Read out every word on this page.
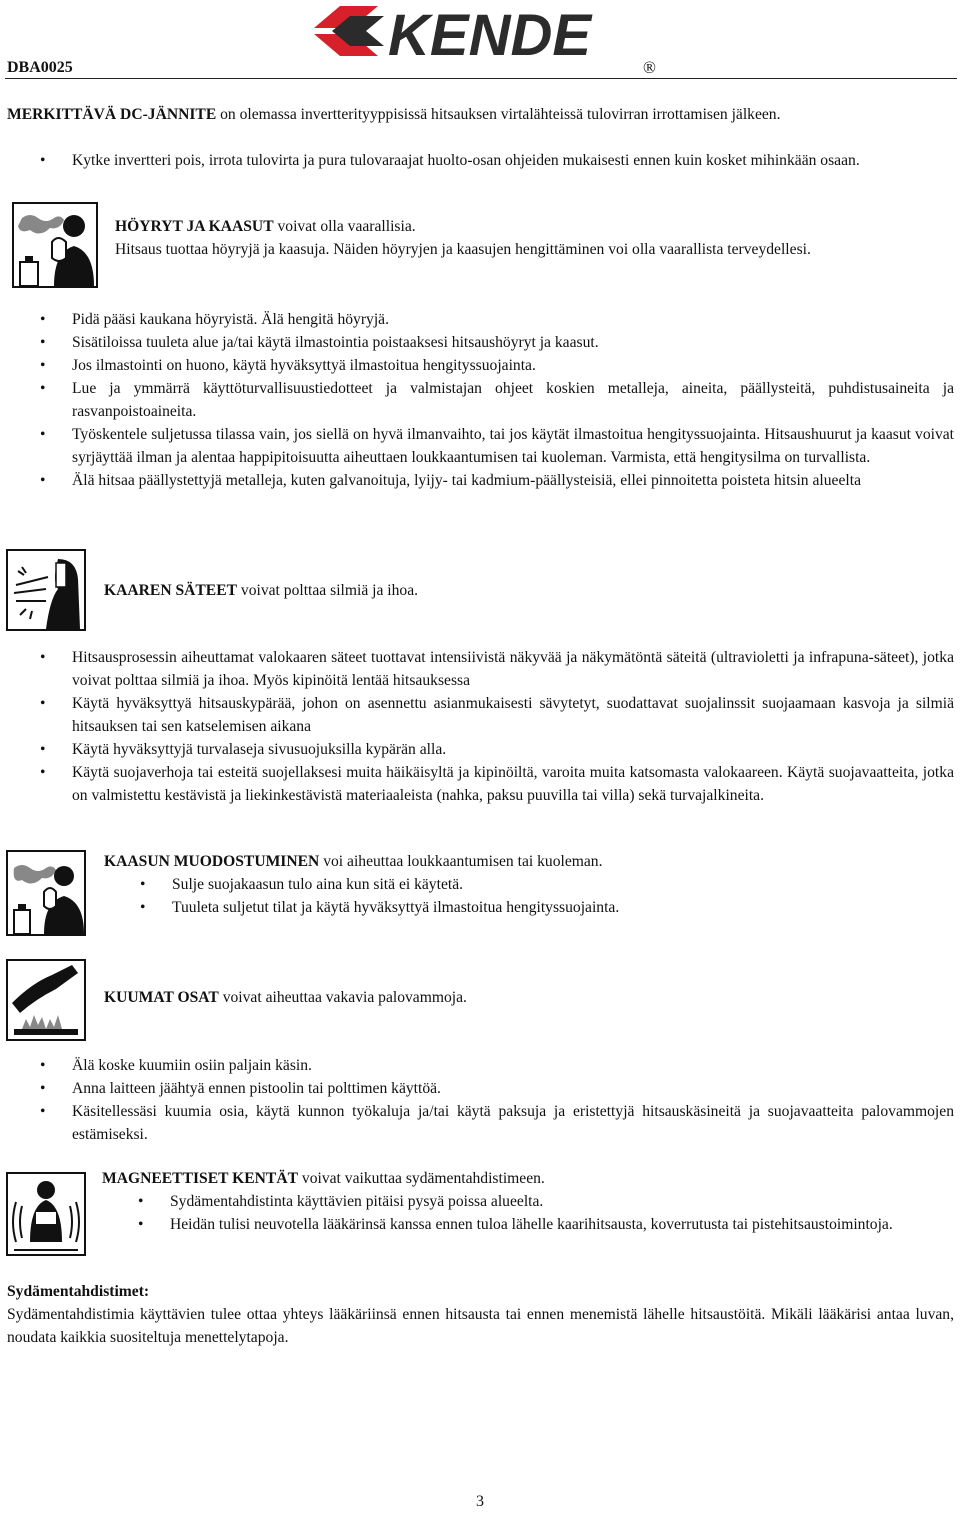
DBA0025	KENDE	®

MERKITTÄVÄ DC-JÄNNITE on olemassa invertterityyppisissä hitsauksen virtalähteissä tulovirran irrottamisen jälkeen.

• Kytke invertteri pois, irrota tulovirta ja pura tulovaraajat huolto-osan ohjeiden mukaisesti ennen kuin kosket mihinkään osaan.

HÖYRYT JA KAASUT voivat olla vaarallisia.

Hitsaus tuottaa höyryjä ja kaasuja. Näiden höyryjen ja kaasujen hengittäminen voi olla vaarallista terveydellesi.

• Pidä pääsi kaukana höyryistä. Älä hengitä höyryjä.
• Sisätiloissa tuuleta alue ja/tai käytä ilmastointia poistaaksesi hitsaushöyryt ja kaasut.
• Jos ilmastointi on huono, käytä hyväksyttyä ilmastoitua hengityssuojainta.
• Lue ja ymmärrä käyttöturvallisuustiedotteet ja valmistajan ohjeet koskien metalleja, aineita, päällysteitä, puhdistusaineita ja rasvanpoistoaineita.
• Työskentele suljetussa tilassa vain, jos siellä on hyvä ilmanvaihto, tai jos käytät ilmastoitua hengityssuojainta. Hitsaushuurut ja kaasut voivat syrjäyttää ilman ja alentaa happipitoisuutta aiheuttaen loukkaantumisen tai kuoleman. Varmista, että hengitysilma on turvallista.
• Älä hitsaa päällystettyjä metalleja, kuten galvanoituja, lyijy- tai kadmium-päällysteisiä, ellei pinnoitetta poisteta hitsin alueelta
KAAREN SÄTEET voivat polttaa silmiä ja ihoa.
• Hitsausprosessin aiheuttamat valokaaren säteet tuottavat intensiivistä näkyvää ja näkymätöntä säteitä (ultravioletti ja infrapuna-säteet), jotka voivat polttaa silmiä ja ihoa. Myös kipinöitä lentää hitsauksessa
• Käytä hyväksyttyä hitsauskypärää, johon on asennettu asianmukaisesti sävytetyt, suodattavat suojalinssit suojaamaan kasvoja ja silmiä hitsauksen tai sen katselemisen aikana
• Käytä hyväksyttyjä turvalaseja sivusuojuksilla kypärän alla.
• Käytä suojaverhoja tai esteitä suojellaksesi muita häikäisyltä ja kipinöiltä, varoita muita katsomasta valokaareen. Käytä suojavaatteita, jotka on valmistettu kestävistä ja liekinkestävistä materiaaleista (nahka, paksu puuvilla tai villa) sekä turvajalkineita.

KAASUN MUODOSTUMINEN voi aiheuttaa loukkaantumisen tai kuoleman.

• Sulje suojakaasun tulo aina kun sitä ei käytetä.
• Tuuleta suljetut tilat ja käytä hyväksyttyä ilmastoitua hengityssuojainta.
KUUMAT OSAT voivat aiheuttaa vakavia palovammoja.
• Älä koske kuumiin osiin paljain käsin.
• Anna laitteen jäähtyä ennen pistoolin tai polttimen käyttöä.
• Käsitellessäsi kuumia osia, käytä kunnon työkaluja ja/tai käytä paksuja ja eristettyjä hitsauskäsineitä ja suojavaatteita palovammojen estämiseksi.

MAGNEETTISET KENTÄT voivat vaikuttaa sydämentahdistimeen.

• Sydämentahdistinta käyttävien pitäisi pysyä poissa alueelta.
• Heidän tulisi neuvotella lääkärinsä kanssa ennen tuloa lähelle kaarihitsausta, koverrutusta tai pistehitsaustoimintoja.

Sydämentahdistimet:

Sydämentahdistimia käyttävien tulee ottaa yhteys lääkäriinsä ennen hitsausta tai ennen menemistä lähelle hitsaustöitä. Mikäli lääkärisi antaa luvan, noudata kaikkia suositeltuja menettelytapoja.

3
